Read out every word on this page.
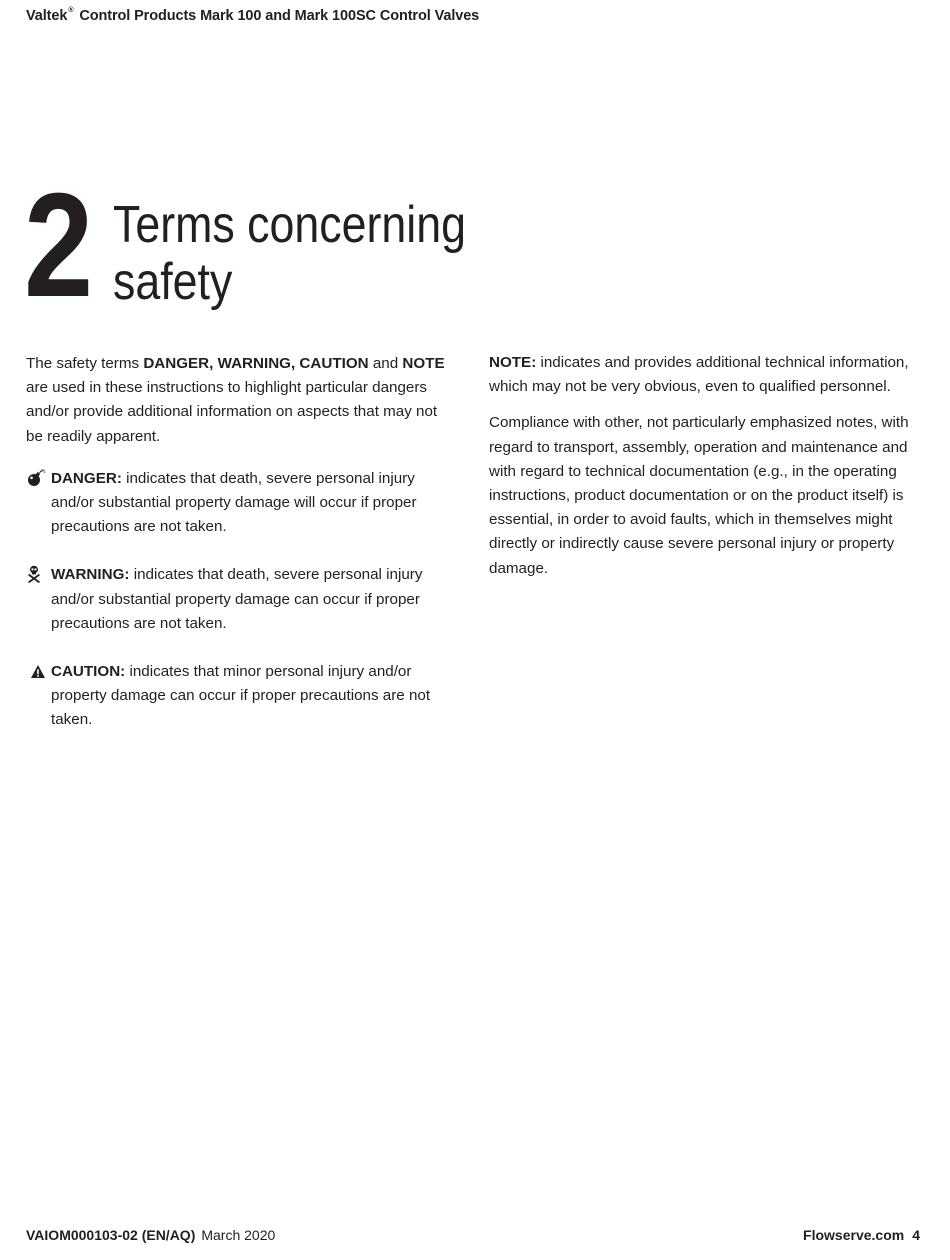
Valtek® Control Products Mark 100 and Mark 100SC Control Valves
2 Terms concerning
safety

The safety terms DANGER, WARNING, CAUTION and NOTE are used in these instructions to highlight particular dangers and/or provide additional information on aspects that may not be readily apparent.

DANGER: indicates that death, severe personal injury and/or substantial property damage will occur if proper precautions are not taken.

WARNING: indicates that death, severe personal injury and/or substantial property damage can occur if proper precautions are not taken.

CAUTION: indicates that minor personal injury and/or property damage can occur if proper precautions are not taken.

NOTE: indicates and provides additional technical information, which may not be very obvious, even to qualified personnel.

Compliance with other, not particularly emphasized notes, with regard to transport, assembly, operation and maintenance and with regard to technical documentation (e.g., in the operating instructions, product documentation or on the product itself) is essential, in order to avoid faults, which in themselves might directly or indirectly cause severe personal injury or property damage.

VAIOM000103-02 (EN/AQ) March 2020	Flowserve.com 4
